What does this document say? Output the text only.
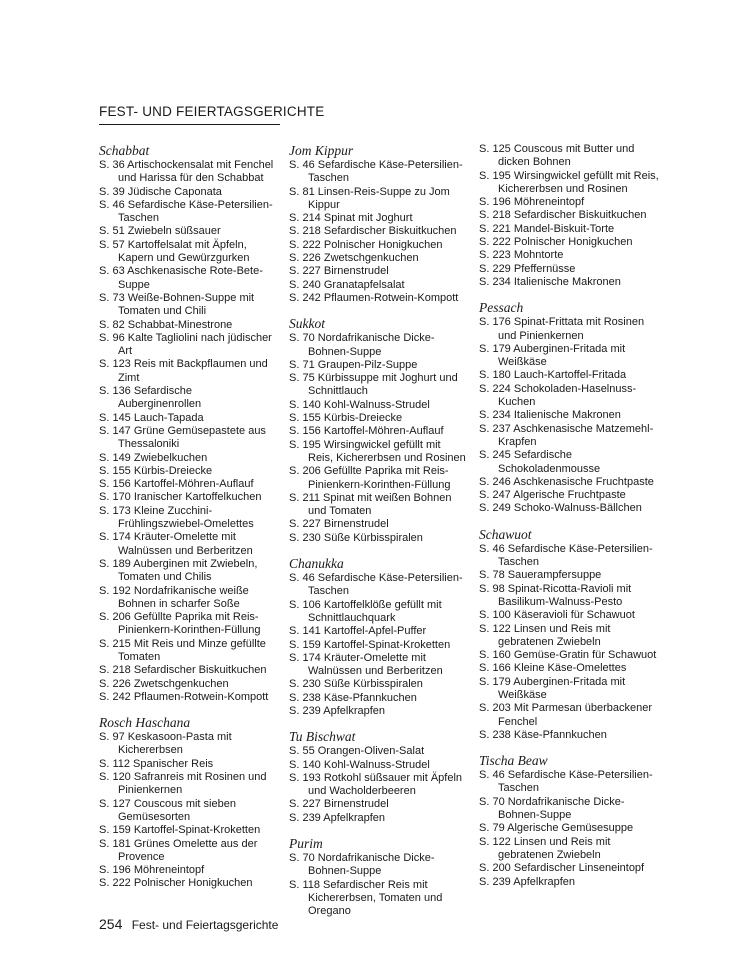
FEST- UND FEIERTAGSGERICHTE
Schabbat
S. 36 Artischockensalat mit Fenchel und Harissa für den Schabbat
S. 39 Jüdische Caponata
S. 46 Sefardische Käse-Petersilien-Taschen
S. 51 Zwiebeln süßsauer
S. 57 Kartoffelsalat mit Äpfeln, Kapern und Gewürzgurken
S. 63 Aschkenasische Rote-Bete-Suppe
S. 73 Weiße-Bohnen-Suppe mit Tomaten und Chili
S. 82 Schabbat-Minestrone
S. 96 Kalte Tagliolini nach jüdischer Art
S. 123 Reis mit Backpflaumen und Zimt
S. 136 Sefardische Auberginenrollen
S. 145 Lauch-Tapada
S. 147 Grüne Gemüsepastete aus Thessaloniki
S. 149 Zwiebelkuchen
S. 155 Kürbis-Dreiecke
S. 156 Kartoffel-Möhren-Auflauf
S. 170 Iranischer Kartoffelkuchen
S. 173 Kleine Zucchini-Frühlingszwiebel-Omelettes
S. 174 Kräuter-Omelette mit Walnüssen und Berberitzen
S. 189 Auberginen mit Zwiebeln, Tomaten und Chilis
S. 192 Nordafrikanische weiße Bohnen in scharfer Soße
S. 206 Gefüllte Paprika mit Reis-Pinienkern-Korinthen-Füllung
S. 215 Mit Reis und Minze gefüllte Tomaten
S. 218 Sefardischer Biskuitkuchen
S. 226 Zwetschgenkuchen
S. 242 Pflaumen-Rotwein-Kompott
Rosch Haschana
S. 97 Keskasoon-Pasta mit Kichererbsen
S. 112 Spanischer Reis
S. 120 Safranreis mit Rosinen und Pinienkernen
S. 127 Couscous mit sieben Gemüsesorten
S. 159 Kartoffel-Spinat-Kroketten
S. 181 Grünes Omelette aus der Provence
S. 196 Möhreneintopf
S. 222 Polnischer Honigkuchen
Jom Kippur
S. 46 Sefardische Käse-Petersilien-Taschen
S. 81 Linsen-Reis-Suppe zu Jom Kippur
S. 214 Spinat mit Joghurt
S. 218 Sefardischer Biskuitkuchen
S. 222 Polnischer Honigkuchen
S. 226 Zwetschgenkuchen
S. 227 Birnenstrudel
S. 240 Granatapfelsalat
S. 242 Pflaumen-Rotwein-Kompott
Sukkot
S. 70 Nordafrikanische Dicke-Bohnen-Suppe
S. 71 Graupen-Pilz-Suppe
S. 75 Kürbissuppe mit Joghurt und Schnittlauch
S. 140 Kohl-Walnuss-Strudel
S. 155 Kürbis-Dreiecke
S. 156 Kartoffel-Möhren-Auflauf
S. 195 Wirsingwickel gefüllt mit Reis, Kichererbsen und Rosinen
S. 206 Gefüllte Paprika mit Reis-Pinienkern-Korinthen-Füllung
S. 211 Spinat mit weißen Bohnen und Tomaten
S. 227 Birnenstrudel
S. 230 Süße Kürbisspiralen
Chanukka
S. 46 Sefardische Käse-Petersilien-Taschen
S. 106 Kartoffelklöße gefüllt mit Schnittlauchquark
S. 141 Kartoffel-Apfel-Puffer
S. 159 Kartoffel-Spinat-Kroketten
S. 174 Kräuter-Omelette mit Walnüssen und Berberitzen
S. 230 Süße Kürbisspiralen
S. 238 Käse-Pfannkuchen
S. 239 Apfelkrapfen
Tu Bischwat
S. 55 Orangen-Oliven-Salat
S. 140 Kohl-Walnuss-Strudel
S. 193 Rotkohl süßsauer mit Äpfeln und Wacholderbeeren
S. 227 Birnenstrudel
S. 239 Apfelkrapfen
Purim
S. 70 Nordafrikanische Dicke-Bohnen-Suppe
S. 118 Sefardischer Reis mit Kichererbsen, Tomaten und Oregano
S. 125 Couscous mit Butter und dicken Bohnen
S. 195 Wirsingwickel gefüllt mit Reis, Kichererbsen und Rosinen
S. 196 Möhreneintopf
S. 218 Sefardischer Biskuitkuchen
S. 221 Mandel-Biskuit-Torte
S. 222 Polnischer Honigkuchen
S. 223 Mohntorte
S. 229 Pfeffernüsse
S. 234 Italienische Makronen
Pessach
S. 176 Spinat-Frittata mit Rosinen und Pinienkernen
S. 179 Auberginen-Fritada mit Weißkäse
S. 180 Lauch-Kartoffel-Fritada
S. 224 Schokoladen-Haselnuss-Kuchen
S. 234 Italienische Makronen
S. 237 Aschkenasische Matzemehl-Krapfen
S. 245 Sefardische Schokoladenmousse
S. 246 Aschkenasische Fruchtpaste
S. 247 Algerische Fruchtpaste
S. 249 Schoko-Walnuss-Bällchen
Schawuot
S. 46 Sefardische Käse-Petersilien-Taschen
S. 78 Sauerampfersuppe
S. 98 Spinat-Ricotta-Ravioli mit Basilikum-Walnuss-Pesto
S. 100 Käseravioli für Schawuot
S. 122 Linsen und Reis mit gebratenen Zwiebeln
S. 160 Gemüse-Gratin für Schawuot
S. 166 Kleine Käse-Omelettes
S. 179 Auberginen-Fritada mit Weißkäse
S. 203 Mit Parmesan überbackener Fenchel
S. 238 Käse-Pfannkuchen
Tischa Beaw
S. 46 Sefardische Käse-Petersilien-Taschen
S. 70 Nordafrikanische Dicke-Bohnen-Suppe
S. 79 Algerische Gemüsesuppe
S. 122 Linsen und Reis mit gebratenen Zwiebeln
S. 200 Sefardischer Linseneintopf
S. 239 Apfelkrapfen
254 Fest- und Feiertagsgerichte
